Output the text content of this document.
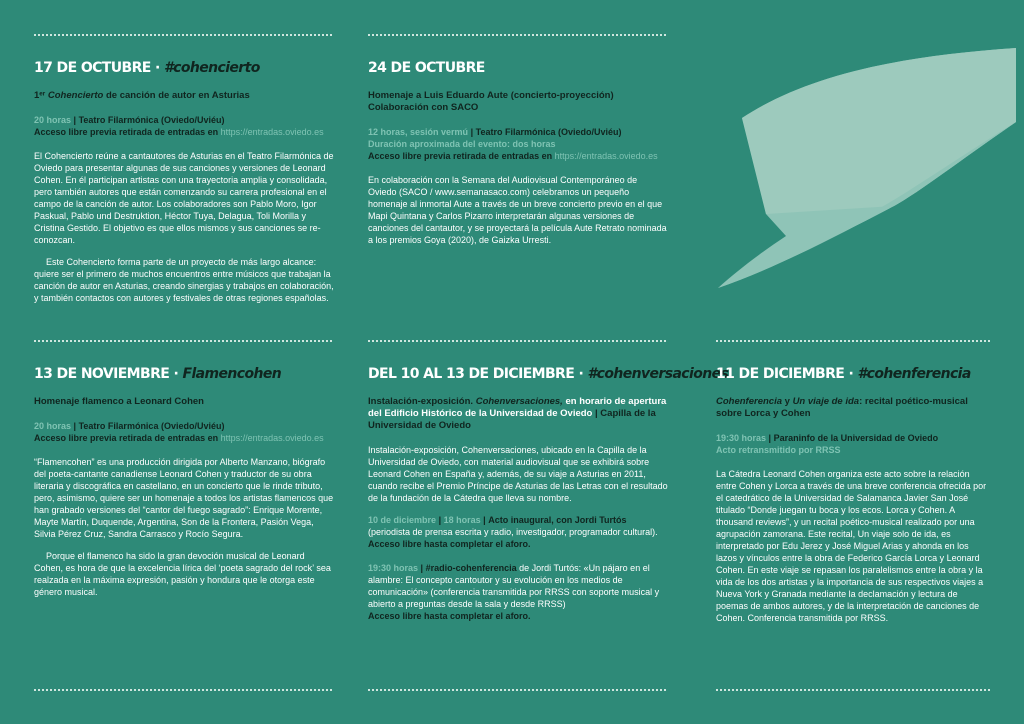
17 DE OCTUBRE · #cohencierto
1ᵉʳ Cohencierto de canción de autor en Asturias
20 horas | Teatro Filarmónica (Oviedo/Uviéu)
Acceso libre previa retirada de entradas en https://entradas.oviedo.es

El Cohencierto reúne a cantautores de Asturias en el Teatro Filarmónica de Oviedo para presentar algunas de sus canciones y versiones de Leonard Cohen. En él participan artistas con una trayectoria amplia y consolidada, pero también autores que están comenzando su carrera profesional en el campo de la canción de autor. Los colaboradores son Pablo Moro, Igor Paskual, Pablo und Destruktion, Héctor Tuya, Delagua, Toli Morilla y Cristina Gestido. El objetivo es que ellos mismos y sus canciones se re-conozcan.

Este Cohencierto forma parte de un proyecto de más largo alcance: quiere ser el primero de muchos encuentros entre músicos que trabajan la canción de autor en Asturias, creando sinergias y trabajos en colaboración, y también contactos con autores y festivales de otras regiones españolas.

24 DE OCTUBRE
Homenaje a Luis Eduardo Aute (concierto-proyección)
Colaboración con SACO
12 horas, sesión vermú | Teatro Filarmónica (Oviedo/Uviéu)
Duración aproximada del evento: dos horas
Acceso libre previa retirada de entradas en https://entradas.oviedo.es

En colaboración con la Semana del Audiovisual Contemporáneo de Oviedo (SACO / www.semanasaco.com) celebramos un pequeño homenaje al inmortal Aute a través de un breve concierto previo en el que Mapi Quintana y Carlos Pizarro interpretarán algunas versiones de canciones del cantautor, y se proyectará la película Aute Retrato nominada a los premios Goya (2020), de Gaizka Urresti.

13 DE NOVIEMBRE · Flamencohen
Homenaje flamenco a Leonard Cohen
20 horas | Teatro Filarmónica (Oviedo/Uviéu)
Acceso libre previa retirada de entradas en https://entradas.oviedo.es

“Flamencohen” es una producción dirigida por Alberto Manzano, biógrafo del poeta-cantante canadiense Leonard Cohen y traductor de su obra literaria y discográfica en castellano, en un concierto que le rinde tributo, pero, asimismo, quiere ser un homenaje a todos los artistas flamencos que han grabado versiones del “cantor del fuego sagrado”: Enrique Morente, Mayte Martín, Duquende, Argentina, Son de la Frontera, Pasión Vega, Silvia Pérez Cruz, Sandra Carrasco y Rocío Segura.

Porque el flamenco ha sido la gran devoción musical de Leonard Cohen, es hora de que la excelencia lírica del ‘poeta sagrado del rock’ sea realzada en la máxima expresión, pasión y hondura que le otorga este género musical.

DEL 10 AL 13 DE DICIEMBRE · #cohenversaciones
Instalación-exposición. Cohenversaciones, en horario de apertura del Edificio Histórico de la Universidad de Oviedo | Capilla de la Universidad de Oviedo

Instalación-exposición, Cohenversaciones, ubicado en la Capilla de la Universidad de Oviedo, con material audiovisual que se exhibirá sobre Leonard Cohen en España y, además, de su viaje a Asturias en 2011, cuando recibe el Premio Príncipe de Asturias de las Letras con el resultado de la fundación de la Cátedra que lleva su nombre.

10 de diciembre | 18 horas | Acto inaugural, con Jordi Turtós (periodista de prensa escrita y radio, investigador, programador cultural).
Acceso libre hasta completar el aforo.
19:30 horas | #radio-cohenferencia de Jordi Turtós: «Un pájaro en el alambre: El concepto cantoutor y su evolución en los medios de comunicación» (conferencia transmitida por RRSS con soporte musical y abierto a preguntas desde la sala y desde RRSS)
Acceso libre hasta completar el aforo.
11 DE DICIEMBRE · #cohenferencia
Cohenferencia y Un viaje de ida: recital poético-musical sobre Lorca y Cohen
19:30 horas | Paraninfo de la Universidad de Oviedo
Acto retransmitido por RRSS

La Cátedra Leonard Cohen organiza este acto sobre la relación entre Cohen y Lorca a través de una breve conferencia ofrecida por el catedrático de la Universidad de Salamanca Javier San José titulado “Donde juegan tu boca y los ecos. Lorca y Cohen. A thousand reviews”, y un recital poético-musical realizado por una agrupación zamorana. Este recital, Un viaje solo de ida, es interpretado por Edu Jerez y José Miguel Arias y ahonda en los lazos y vínculos entre la obra de Federico García Lorca y Leonard Cohen. En este viaje se repasan los paralelismos entre la obra y la vida de los dos artistas y la importancia de sus respectivos viajes a Nueva York y Granada mediante la declamación y lectura de poemas de ambos autores, y de la interpretación de canciones de Cohen. Conferencia transmitida por RRSS.
